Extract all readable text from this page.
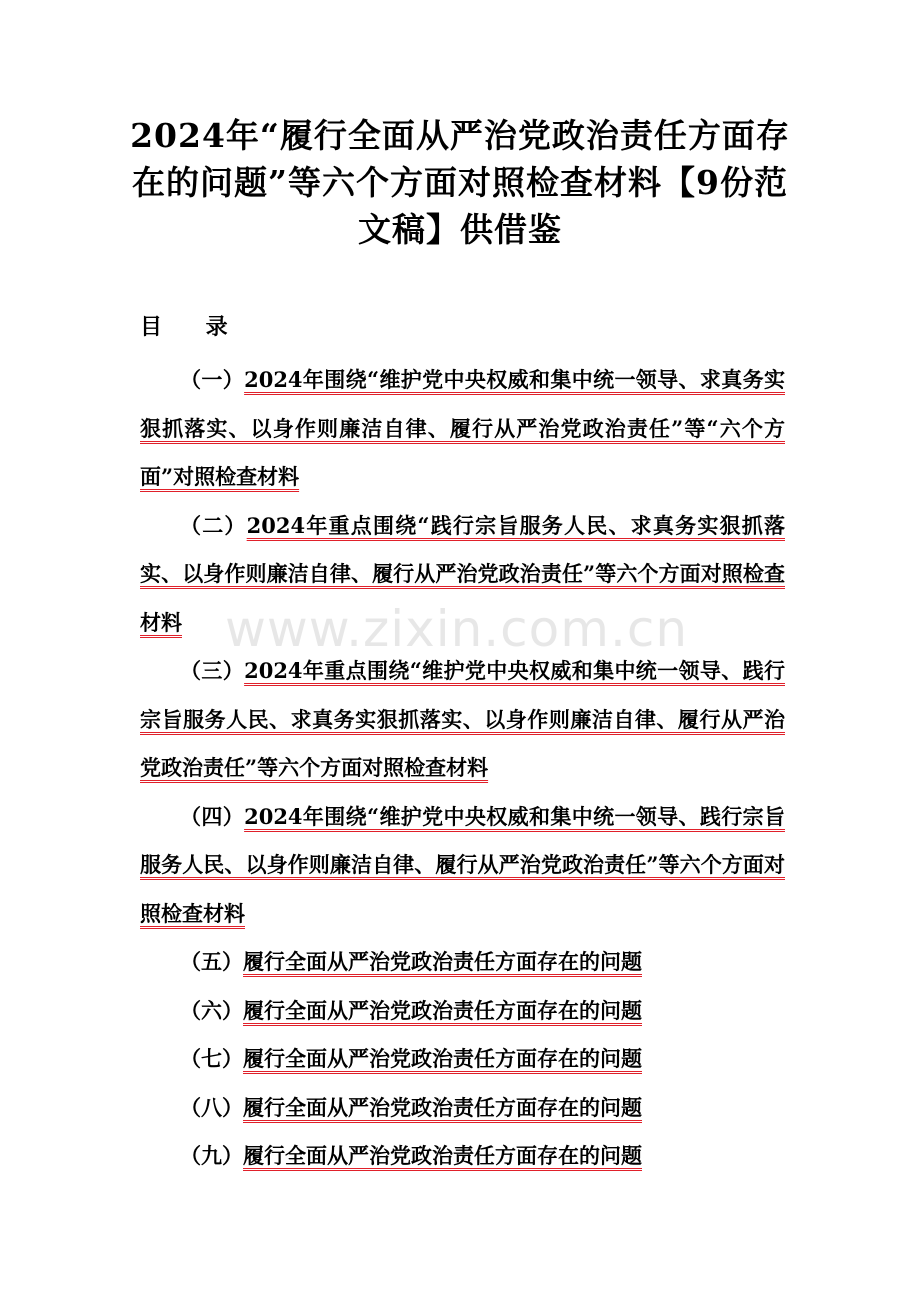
2024年“履行全面从严治党政治责任方面存在的问题”等六个方面对照检查材料【9份范文稿】供借鉴
目 录

（一）2024年围绕“维护党中央权威和集中统一领导、求真务实狠抓落实、以身作则廉洁自律、履行从严治党政治责任”等“六个方面”对照检查材料

（二）2024年重点围绕“践行宗旨服务人民、求真务实狠抓落实、以身作则廉洁自律、履行从严治党政治责任”等六个方面对照检查材料

（三）2024年重点围绕“维护党中央权威和集中统一领导、践行宗旨服务人民、求真务实狠抓落实、以身作则廉洁自律、履行从严治党政治责任”等六个方面对照检查材料

（四）2024年围绕“维护党中央权威和集中统一领导、践行宗旨服务人民、以身作则廉洁自律、履行从严治党政治责任”等六个方面对照检查材料

（五）履行全面从严治党政治责任方面存在的问题

（六）履行全面从严治党政治责任方面存在的问题

（七）履行全面从严治党政治责任方面存在的问题

（八）履行全面从严治党政治责任方面存在的问题

（九）履行全面从严治党政治责任方面存在的问题

www.zixin.com.cn
